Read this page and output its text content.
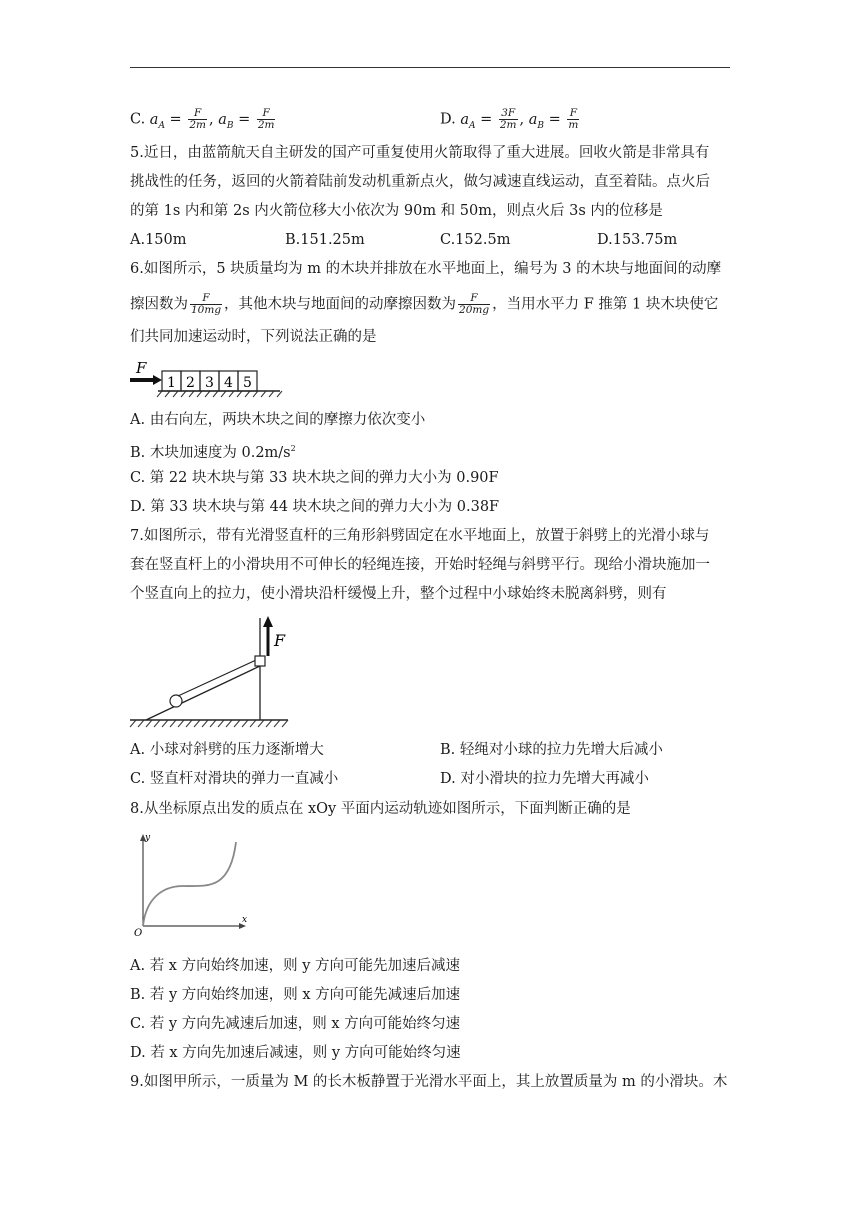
C. $a_A = \frac{F}{2m}$ , $a_B = \frac{F}{2m}$	D. $a_A = \frac{3F}{2m}$ , $a_B = \frac{F}{m}$
5.近日，由蓝箭航天自主研发的国产可重复使用火箭取得了重大进展。回收火箭是非常具有
挑战性的任务，返回的火箭着陆前发动机重新点火，做匀减速直线运动，直至着陆。点火后
的第 1s 内和第 2s 内火箭位移大小依次为 90m 和 50m，则点火后 3s 内的位移是
A.150m	B.151.25m	C.152.5m	D.153.75m
6.如图所示，5 块质量均为 m 的木块并排放在水平地面上，编号为 3 的木块与地面间的动摩
擦因数为 $\frac{F}{10mg}$ ，其他木块与地面间的动摩擦因数为 $\frac{F}{20mg}$ ，当用水平力 F 推第 1 块木块使它
们共同加速运动时，下列说法正确的是
F
1 2 3 4 5
A. 由右向左，两块木块之间的摩擦力依次变小
B. 木块加速度为 $0.2m/s^2$
C. 第 22 块木块与第 33 块木块之间的弹力大小为 0.90F
D. 第 33 块木块与第 44 块木块之间的弹力大小为 0.38F
7.如图所示，带有光滑竖直杆的三角形斜劈固定在水平地面上，放置于斜劈上的光滑小球与
套在竖直杆上的小滑块用不可伸长的轻绳连接，开始时轻绳与斜劈平行。现给小滑块施加一
个竖直向上的拉力，使小滑块沿杆缓慢上升，整个过程中小球始终未脱离斜劈，则有
F
A. 小球对斜劈的压力逐渐增大	B. 轻绳对小球的拉力先增大后减小
C. 竖直杆对滑块的弹力一直减小	D. 对小滑块的拉力先增大再减小
8.从坐标原点出发的质点在 xOy 平面内运动轨迹如图所示，下面判断正确的是
y
x
O
A. 若 x 方向始终加速，则 y 方向可能先加速后减速
B. 若 y 方向始终加速，则 x 方向可能先减速后加速
C. 若 y 方向先减速后加速，则 x 方向可能始终匀速
D. 若 x 方向先加速后减速，则 y 方向可能始终匀速
9.如图甲所示，一质量为 M 的长木板静置于光滑水平面上，其上放置质量为 m 的小滑块。木
